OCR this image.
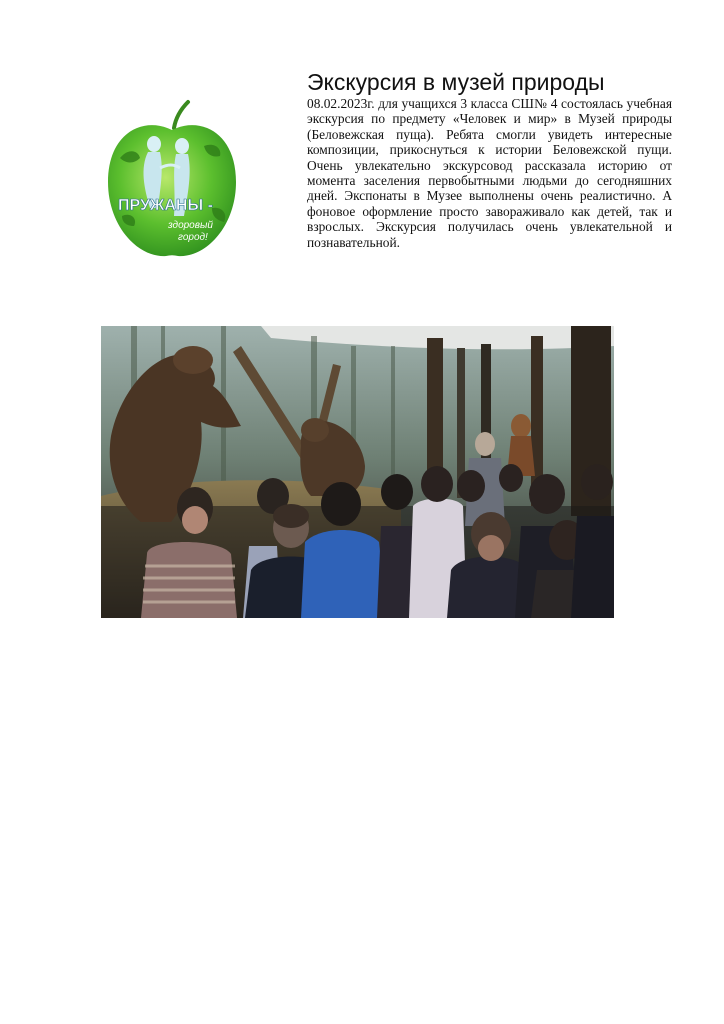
ПРУЖАНЫ -
здоровый
город!
Экскурсия в музей природы

08.02.2023г. для учащихся 3 класса СШ№ 4 состоялась учебная экскурсия по предмету «Человек и мир» в Музей природы (Беловежская пуща). Ребята смогли увидеть интересные композиции, прикоснуться к истории Беловежской пущи. Очень увлекательно экскурсовод рассказала историю от момента заселения первобытными людьми до сегодняшних дней. Экспонаты в Музее выполнены очень реалистично. А фоновое оформление просто завораживало как детей, так и взрослых. Экскурсия получилась очень увлекательной и познавательной.
